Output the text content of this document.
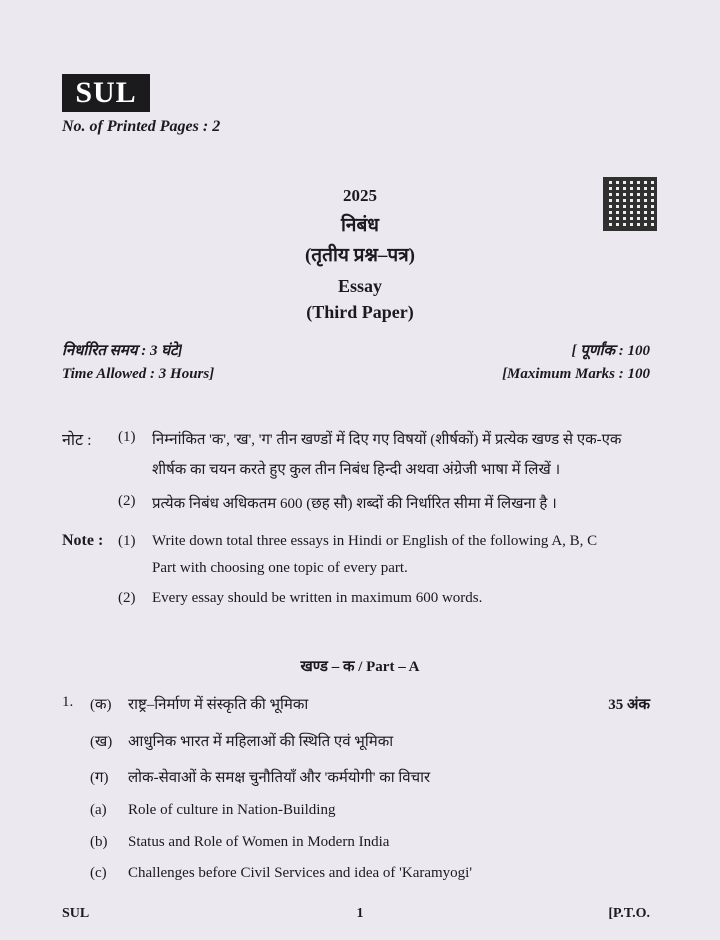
SUL
No. of Printed Pages : 2
2025
निबंध
(तृतीय प्रश्न–पत्र)
Essay
(Third Paper)
निर्धारित समय : 3 घंटे]	[ पूर्णांक : 100
Time Allowed : 3 Hours]	[Maximum Marks : 100
नोट : (1) निम्नांकित 'क', 'ख', 'ग' तीन खण्डों में दिए गए विषयों (शीर्षकों) में प्रत्येक खण्ड से एक-एक
शीर्षक का चयन करते हुए कुल तीन निबंध हिन्दी अथवा अंग्रेजी भाषा में लिखें ।
(2) प्रत्येक निबंध अधिकतम 600 (छह सौ) शब्दों की निर्धारित सीमा में लिखना है ।
Note : (1) Write down total three essays in Hindi or English of the following A, B, C
Part with choosing one topic of every part.
(2) Every essay should be written in maximum 600 words.
खण्ड – क / Part – A
1.	35 अंक
(क) राष्ट्र–निर्माण में संस्कृति की भूमिका
(ख) आधुनिक भारत में महिलाओं की स्थिति एवं भूमिका
(ग) लोक-सेवाओं के समक्ष चुनौतियाँ और 'कर्मयोगी' का विचार
(a) Role of culture in Nation-Building
(b) Status and Role of Women in Modern India
(c) Challenges before Civil Services and idea of 'Karamyogi'
SUL	1	[P.T.O.
